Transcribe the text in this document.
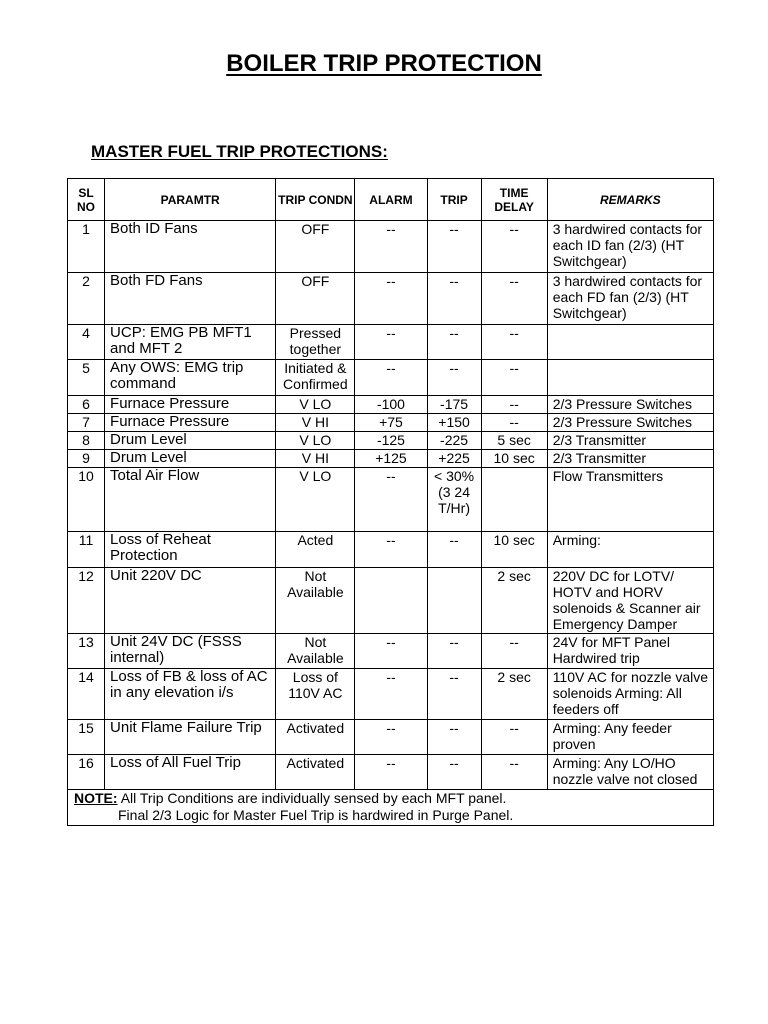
BOILER TRIP PROTECTION
MASTER FUEL TRIP PROTECTIONS:
SL NO	PARAMTR	TRIP CONDN	ALARM	TRIP	TIME DELAY	REMARKS
1	Both ID Fans	OFF	--	--	--	3 hardwired contacts for each ID fan (2/3) (HT Switchgear)
2	Both FD Fans	OFF	--	--	--	3 hardwired contacts for each FD fan (2/3) (HT Switchgear)
4	UCP: EMG PB MFT1 and MFT 2	Pressed together	--	--	--	
5	Any OWS: EMG trip command	Initiated & Confirmed	--	--	--	
6	Furnace Pressure	V LO	-100	-175	--	2/3 Pressure Switches
7	Furnace Pressure	V HI	+75	+150	--	2/3 Pressure Switches
8	Drum Level	V LO	-125	-225	5 sec	2/3 Transmitter
9	Drum Level	V HI	+125	+225	10 sec	2/3 Transmitter
10	Total Air Flow	V LO	--	< 30%(3 24 T/Hr)		Flow Transmitters
11	Loss of Reheat Protection	Acted	--	--	10 sec	Arming:
12	Unit 220V DC	Not Available			2 sec	220V DC for LOTV/ HOTV and HORV solenoids & Scanner air Emergency Damper
13	Unit 24V DC (FSSS internal)	Not Available	--	--	--	24V for MFT Panel Hardwired trip
14	Loss of FB & loss of AC in any elevation i/s	Loss of 110V AC	--	--	2 sec	110V AC for nozzle valve solenoids Arming: All feeders off
15	Unit Flame Failure Trip	Activated	--	--	--	Arming: Any feeder proven
16	Loss of All Fuel Trip	Activated	--	--	--	Arming: Any LO/HO nozzle valve not closed

NOTE: All Trip Conditions are individually sensed by each MFT panel.
Final 2/3 Logic for Master Fuel Trip is hardwired in Purge Panel.						
